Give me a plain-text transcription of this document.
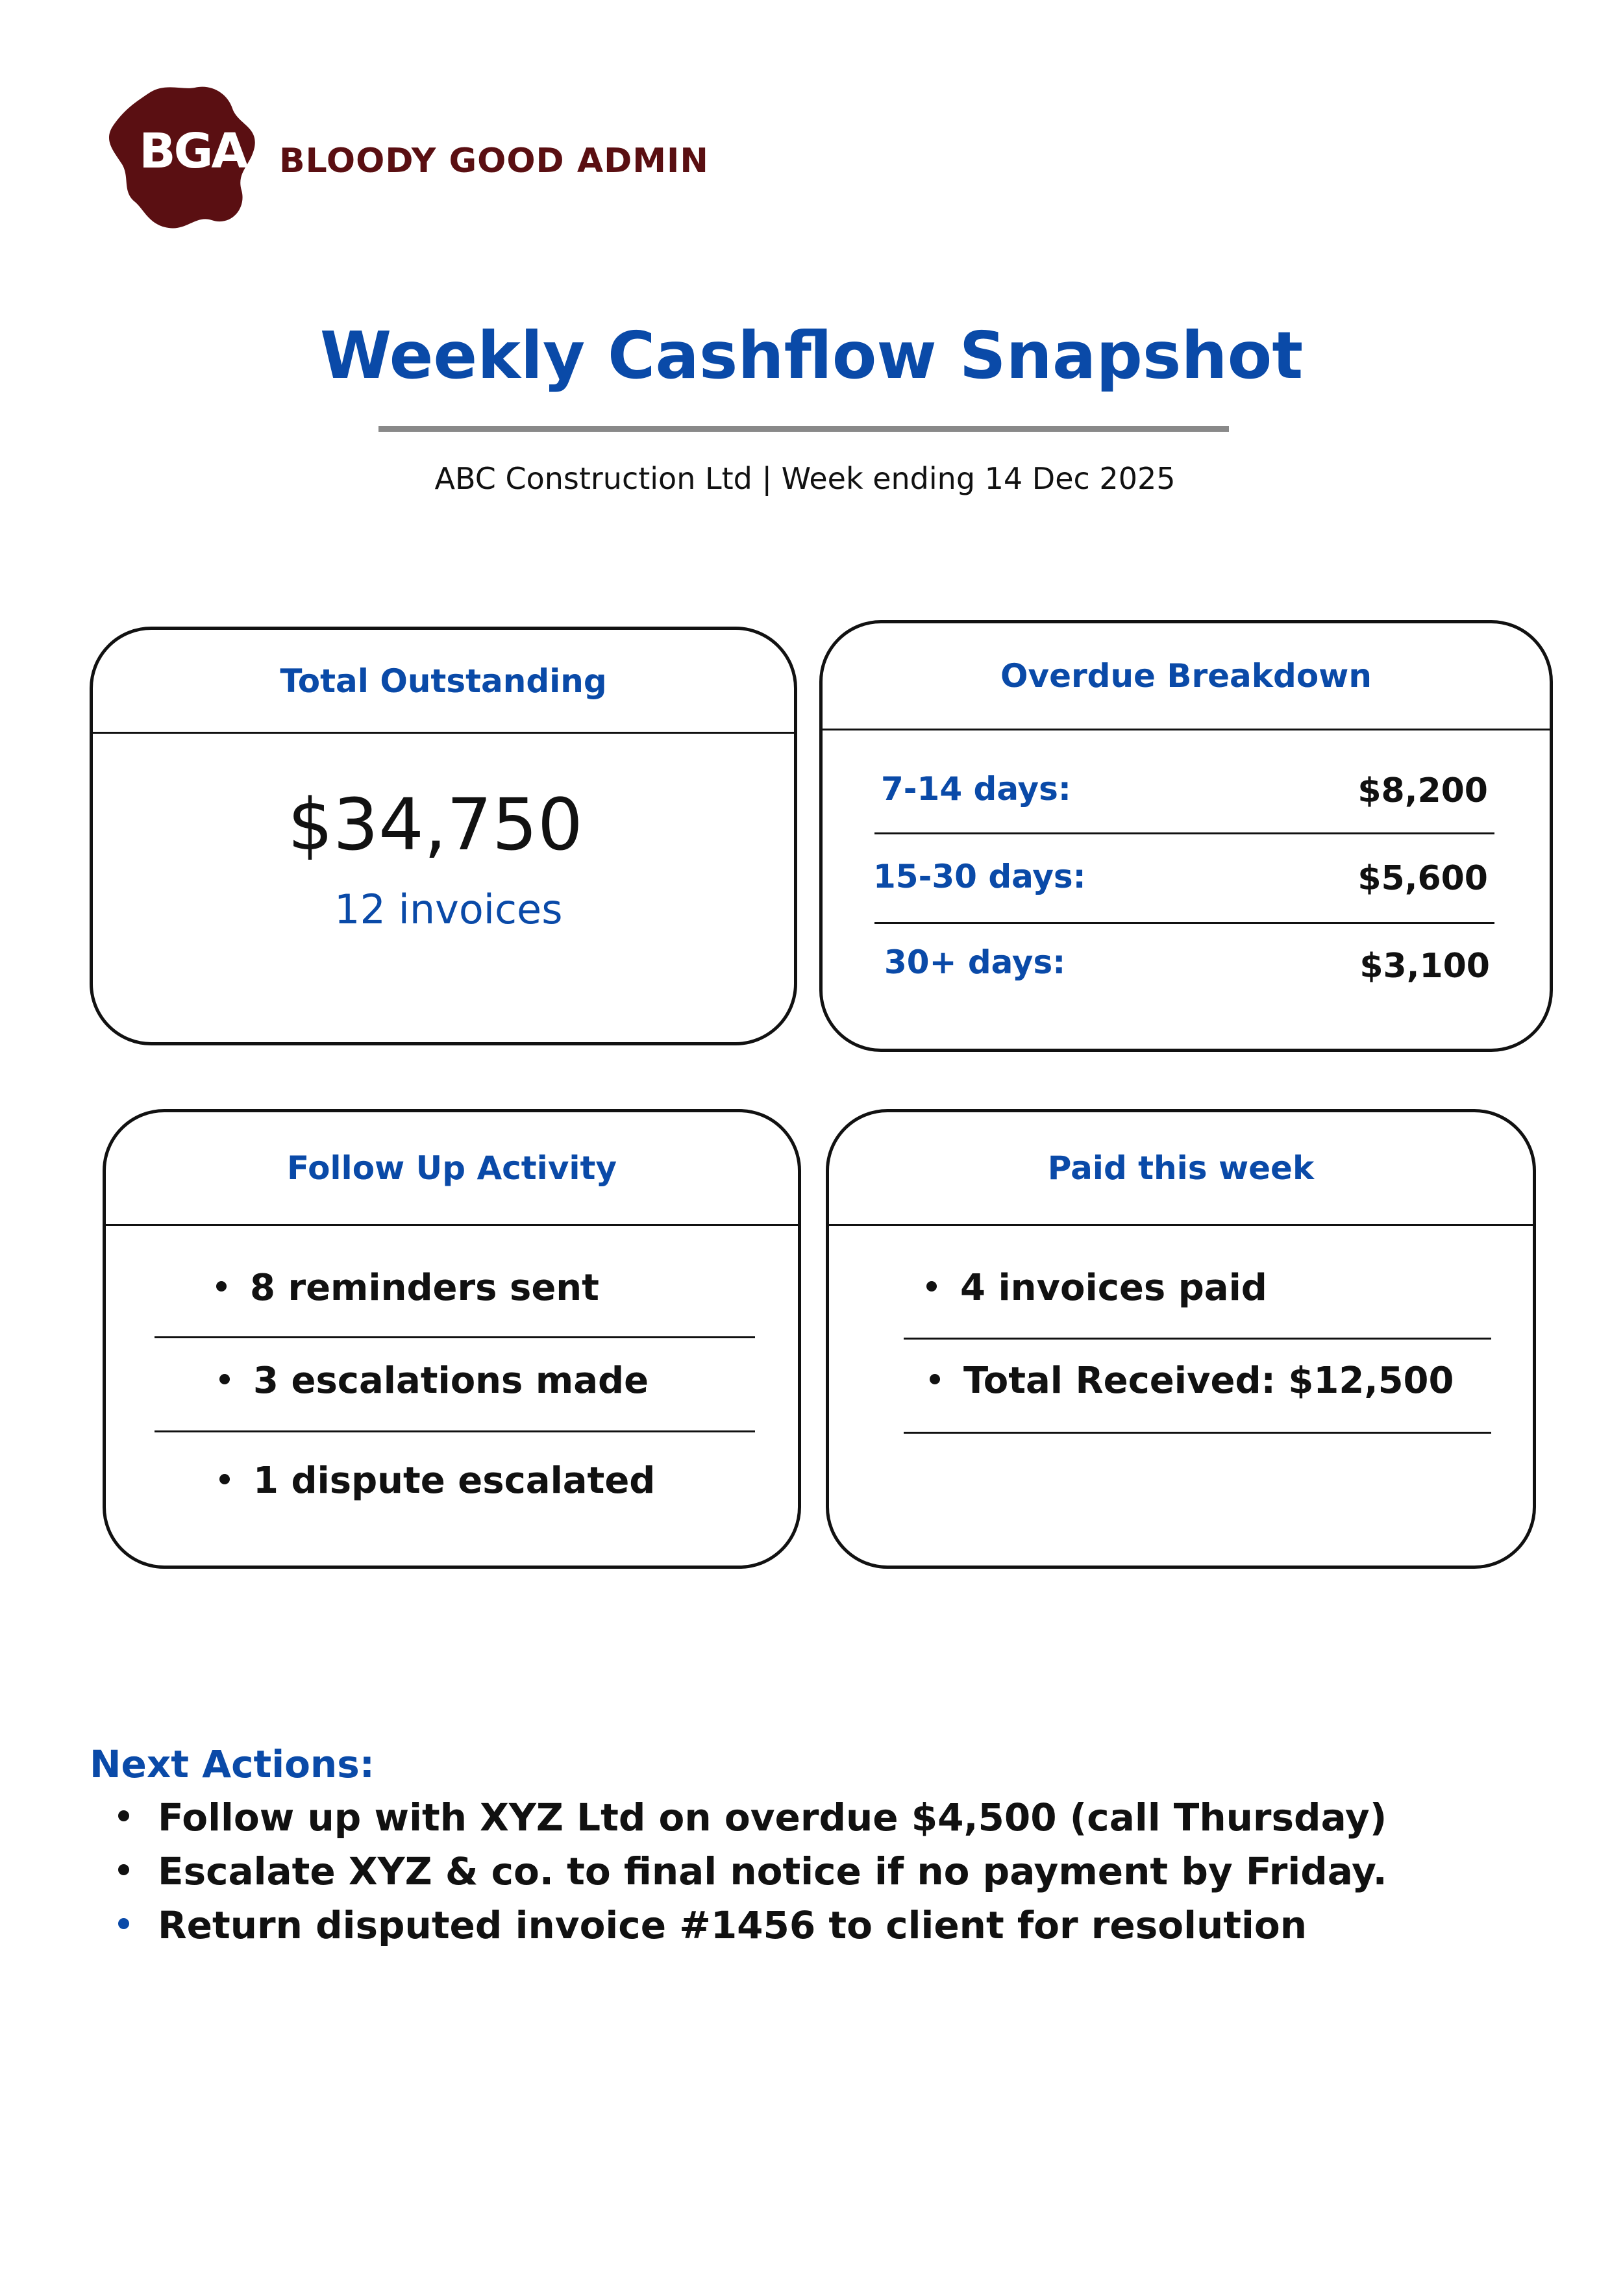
BGA BLOODY GOOD ADMIN
Weekly Cashflow Snapshot
ABC Construction Ltd | Week ending 14 Dec 2025
Total Outstanding
$34,750
12 invoices
Overdue Breakdown
7-14 days:	$8,200
15-30 days:	$5,600
30+ days:	$3,100
Follow Up Activity
8 reminders sent
3 escalations made
1 dispute escalated
Paid this week
4 invoices paid
Total Received: $12,500
Next Actions:
Follow up with XYZ Ltd on overdue $4,500 (call Thursday)
Escalate XYZ & co. to final notice if no payment by Friday.
Return disputed invoice #1456 to client for resolution
